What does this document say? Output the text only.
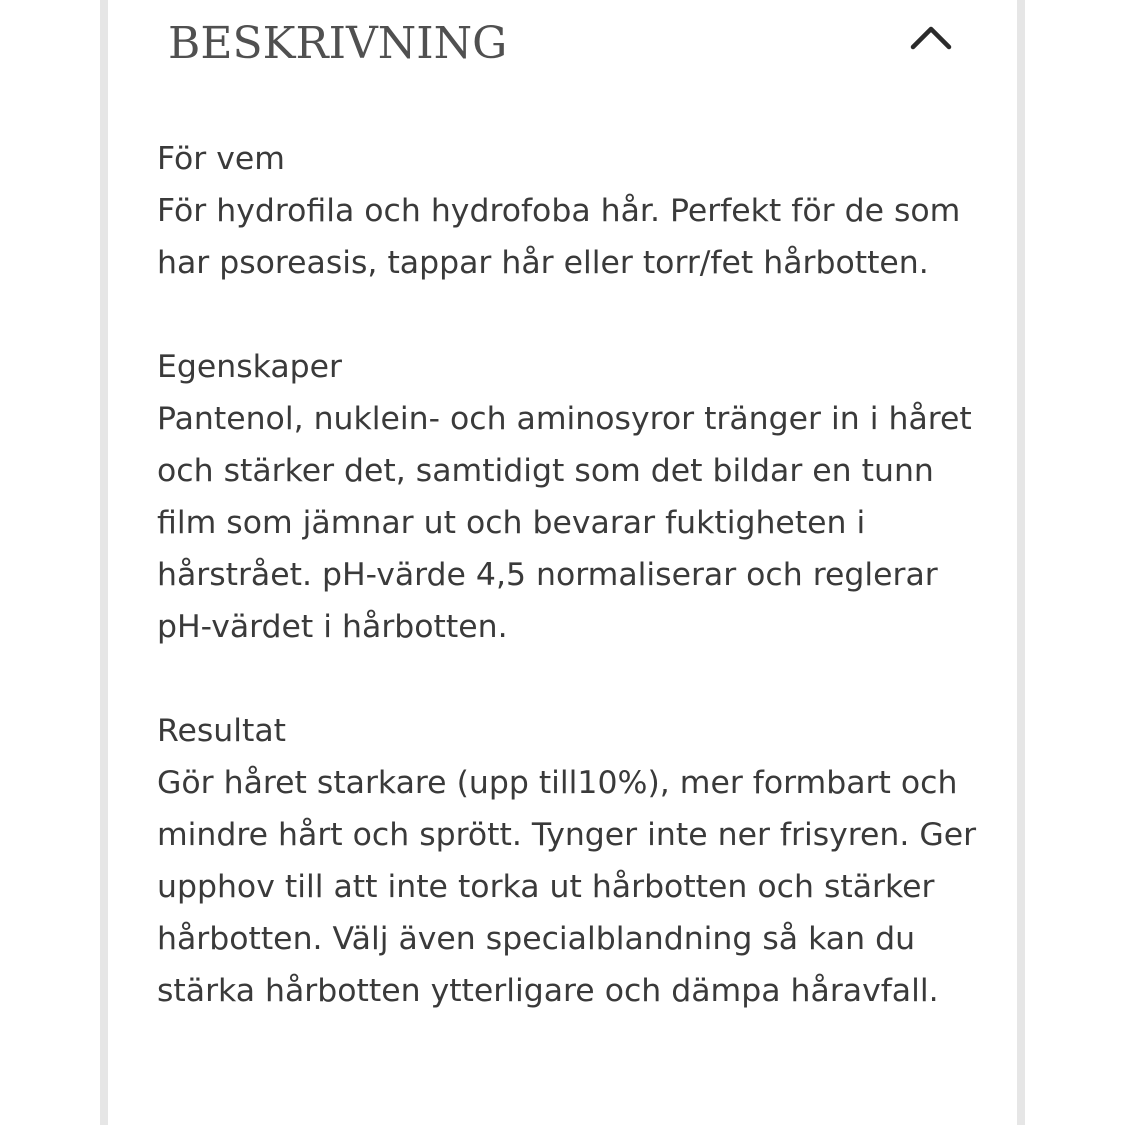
BESKRIVNING

För vem

För hydrofila och hydrofoba hår. Perfekt för de som har psoreasis, tappar hår eller torr/fet hårbotten.

Egenskaper

Pantenol, nuklein- och aminosyror tränger in i håret och stärker det, samtidigt som det bildar en tunn film som jämnar ut och bevarar fuktigheten i hårstrået. pH-värde 4,5 normaliserar och reglerar pH-värdet i hårbotten.

Resultat

Gör håret starkare (upp till10%), mer formbart och mindre hårt och sprött. Tynger inte ner frisyren. Ger upphov till att inte torka ut hårbotten och stärker hårbotten. Välj även specialblandning så kan du stärka hårbotten ytterligare och dämpa håravfall.
